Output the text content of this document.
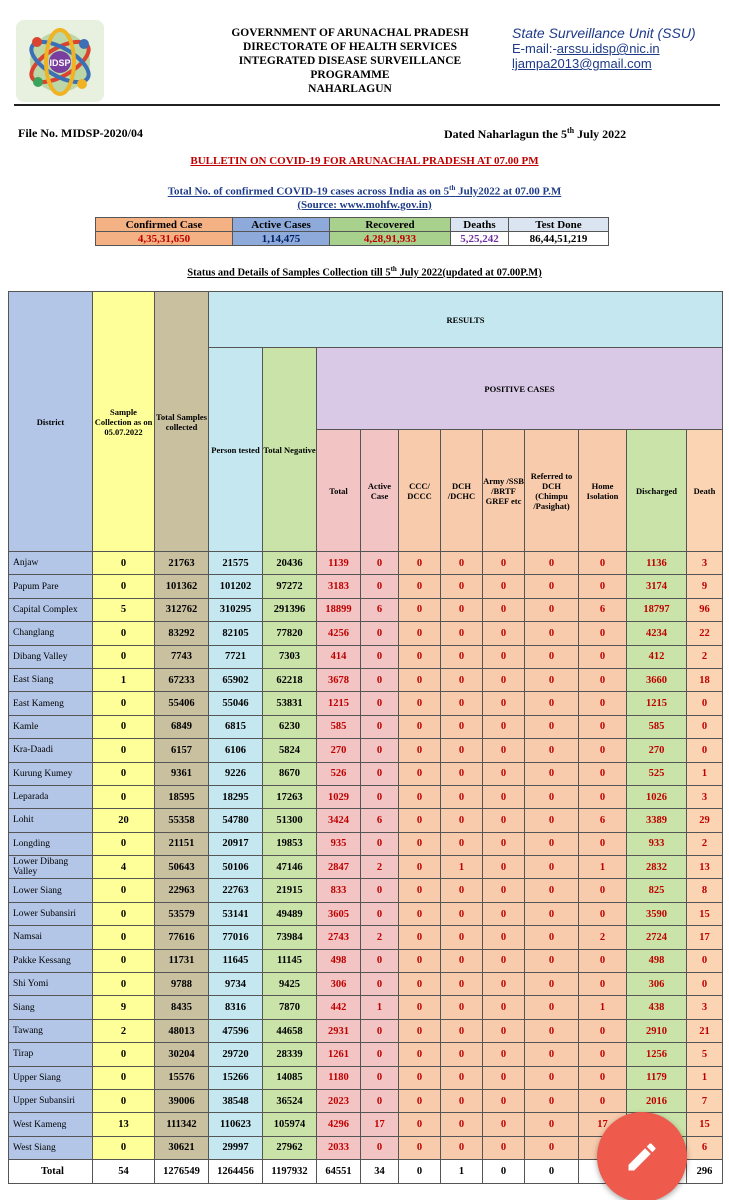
IDSP
GOVERNMENT OF ARUNACHAL PRADESH
DIRECTORATE OF HEALTH SERVICES
INTEGRATED DISEASE SURVEILLANCE PROGRAMME
NAHARLAGUN
State Surveillance Unit (SSU)
E-mail:-arssu.idsp@nic.in
ljampa2013@gmail.com
File No. MIDSP-2020/04	Dated Naharlagun the 5th July 2022
BULLETIN ON COVID-19 FOR ARUNACHAL PRADESH AT 07.00 PM
Total No. of confirmed COVID-19 cases across India as on 5th July2022 at 07.00 P.M
(Source: www.mohfw.gov.in)
Confirmed Case	Active Cases	Recovered	Deaths	Test Done
4,35,31,650	1,14,475	4,28,91,933	5,25,242	86,44,51,219
Status and Details of Samples Collection till 5th July 2022(updated at 07.00P.M)
District	Sample Collection as on 05.07.2022	Total Samples collected	RESULTS										
			Person tested	Total Negative	POSITIVE CASES								
					Total	Active Case	CCC/ DCCC	DCH /DCHC	Army /SSB /BRTF GREF etc	Referred to DCH (Chimpu /Pasighat)	Home Isolation	Discharged	Death
Anjaw	0	21763	21575	20436	1139	0	0	0	0	0	0	1136	3
Papum Pare	0	101362	101202	97272	3183	0	0	0	0	0	0	3174	9
Capital Complex	5	312762	310295	291396	18899	6	0	0	0	0	6	18797	96
Changlang	0	83292	82105	77820	4256	0	0	0	0	0	0	4234	22
Dibang Valley	0	7743	7721	7303	414	0	0	0	0	0	0	412	2
East Siang	1	67233	65902	62218	3678	0	0	0	0	0	0	3660	18
East Kameng	0	55406	55046	53831	1215	0	0	0	0	0	0	1215	0
Kamle	0	6849	6815	6230	585	0	0	0	0	0	0	585	0
Kra-Daadi	0	6157	6106	5824	270	0	0	0	0	0	0	270	0
Kurung Kumey	0	9361	9226	8670	526	0	0	0	0	0	0	525	1
Leparada	0	18595	18295	17263	1029	0	0	0	0	0	0	1026	3
Lohit	20	55358	54780	51300	3424	6	0	0	0	0	6	3389	29
Longding	0	21151	20917	19853	935	0	0	0	0	0	0	933	2
Lower Dibang Valley	4	50643	50106	47146	2847	2	0	1	0	0	1	2832	13
Lower Siang	0	22963	22763	21915	833	0	0	0	0	0	0	825	8
Lower Subansiri	0	53579	53141	49489	3605	0	0	0	0	0	0	3590	15
Namsai	0	77616	77016	73984	2743	2	0	0	0	0	2	2724	17
Pakke Kessang	0	11731	11645	11145	498	0	0	0	0	0	0	498	0
Shi Yomi	0	9788	9734	9425	306	0	0	0	0	0	0	306	0
Siang	9	8435	8316	7870	442	1	0	0	0	0	1	438	3
Tawang	2	48013	47596	44658	2931	0	0	0	0	0	0	2910	21
Tirap	0	30204	29720	28339	1261	0	0	0	0	0	0	1256	5
Upper Siang	0	15576	15266	14085	1180	0	0	0	0	0	0	1179	1
Upper Subansiri	0	39006	38548	36524	2023	0	0	0	0	0	0	2016	7
West Kameng	13	111342	110623	105974	4296	17	0	0	0	0	17		15
West Siang	0	30621	29997	27962	2033	0	0	0	0	0			6
Total	54	1276549	1264456	1197932	64551	34	0	1	0	0			296
